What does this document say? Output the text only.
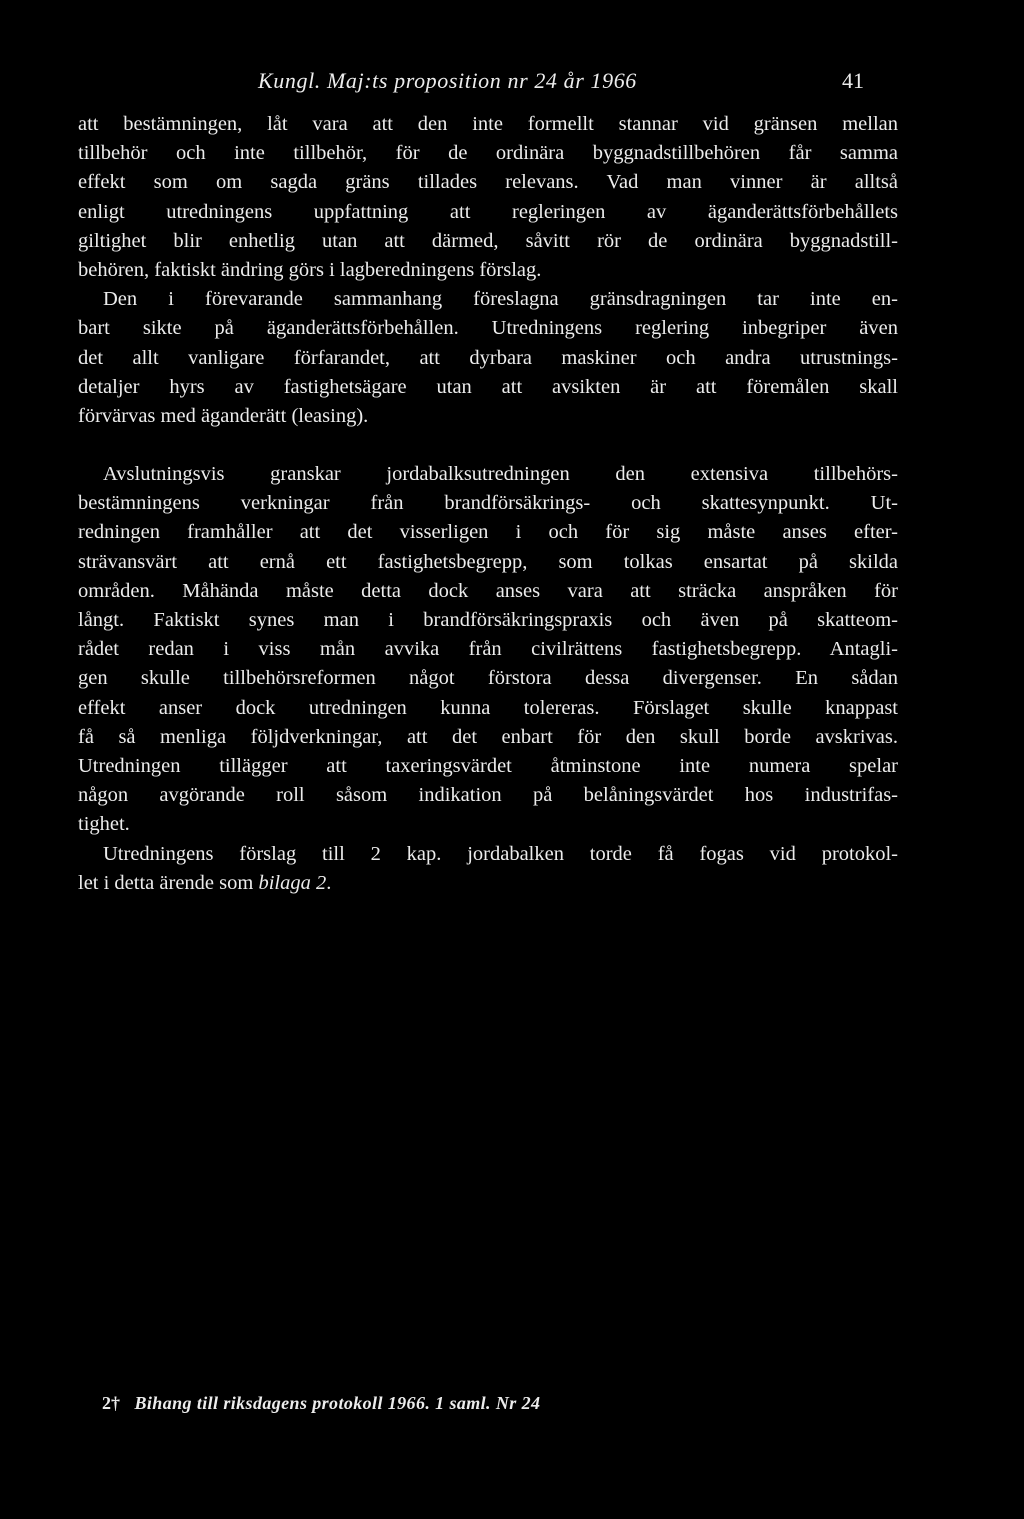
Kungl. Maj:ts proposition nr 24 år 1966	41
att bestämningen, låt vara att den inte formellt stannar vid gränsen mellan
tillbehör och inte tillbehör, för de ordinära byggnadstillbehören får samma
effekt som om sagda gräns tillades relevans. Vad man vinner är alltså
enligt utredningens uppfattning att regleringen av äganderättsförbehållets
giltighet blir enhetlig utan att därmed, såvitt rör de ordinära byggnadstill-
behören, faktiskt ändring görs i lagberedningens förslag.
Den i förevarande sammanhang föreslagna gränsdragningen tar inte en-
bart sikte på äganderättsförbehållen. Utredningens reglering inbegriper även
det allt vanligare förfarandet, att dyrbara maskiner och andra utrustnings-
detaljer hyrs av fastighetsägare utan att avsikten är att föremålen skall
förvärvas med äganderätt (leasing).
Avslutningsvis granskar jordabalksutredningen den extensiva tillbehörs-
bestämningens verkningar från brandförsäkrings- och skattesynpunkt. Ut-
redningen framhåller att det visserligen i och för sig måste anses efter-
strävansvärt att ernå ett fastighetsbegrepp, som tolkas ensartat på skilda
områden. Måhända måste detta dock anses vara att sträcka anspråken för
långt. Faktiskt synes man i brandförsäkringspraxis och även på skatteom-
rådet redan i viss mån avvika från civilrättens fastighetsbegrepp. Antagli-
gen skulle tillbehörsreformen något förstora dessa divergenser. En sådan
effekt anser dock utredningen kunna tolereras. Förslaget skulle knappast
få så menliga följdverkningar, att det enbart för den skull borde avskrivas.
Utredningen tillägger att taxeringsvärdet åtminstone inte numera spelar
någon avgörande roll såsom indikation på belåningsvärdet hos industrifas-
tighet.
Utredningens förslag till 2 kap. jordabalken torde få fogas vid protokol-
let i detta ärende som bilaga 2.
2† Bihang till riksdagens protokoll 1966. 1 saml. Nr 24
